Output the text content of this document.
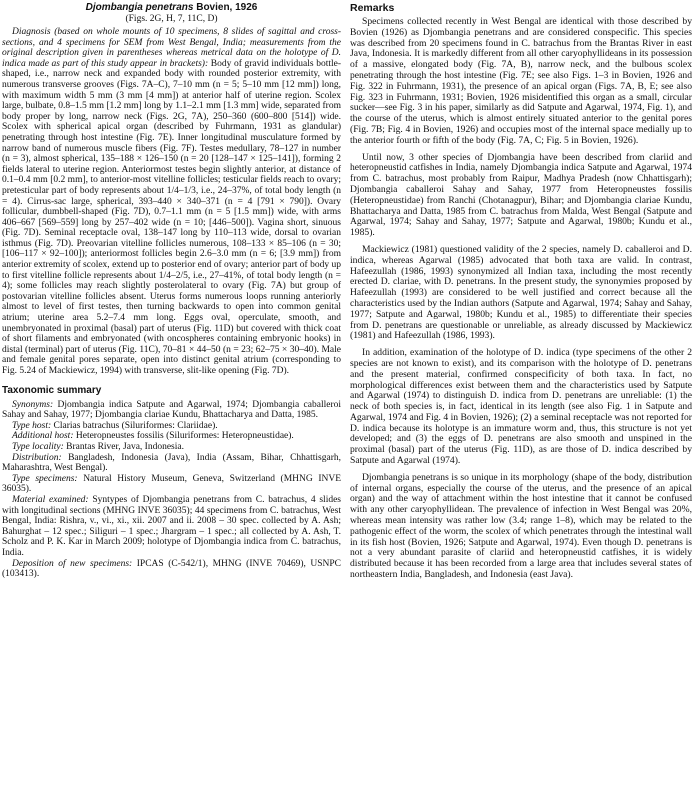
Djombangia penetrans Bovien, 1926
(Figs. 2G, H, 7, 11C, D)

Diagnosis (based on whole mounts of 10 specimens, 8 slides of sagittal and cross-sections, and 4 specimens for SEM from West Bengal, India; measurements from the original description given in parentheses whereas metrical data on the holotype of D. indica made as part of this study appear in brackets): Body of gravid individuals bottle-shaped, i.e., narrow neck and expanded body with rounded posterior extremity, with numerous transverse grooves (Figs. 7A–C), 7–10 mm (n = 5; 5–10 mm [12 mm]) long, with maximum width 5 mm (3 mm [4 mm]) at anterior half of uterine region. Scolex large, bulbate, 0.8–1.5 mm [1.2 mm] long by 1.1–2.1 mm [1.3 mm] wide, separated from body proper by long, narrow neck (Figs. 2G, 7A), 250–360 (600–800 [514]) wide. Scolex with spherical apical organ (described by Fuhrmann, 1931 as glandular) penetrating through host intestine (Fig. 7E). Inner longitudinal musculature formed by narrow band of numerous muscle fibers (Fig. 7F). Testes medullary, 78–127 in number (n = 3), almost spherical, 135–188 × 126–150 (n = 20 [128–147 × 125–141]), forming 2 fields lateral to uterine region. Anteriormost testes begin slightly anterior, at distance of 0.1–0.4 mm [0.2 mm], to anterior-most vitelline follicles; testicular fields reach to ovary; pretesticular part of body represents about 1/4–1/3, i.e., 24–37%, of total body length (n = 4). Cirrus-sac large, spherical, 393–440 × 340–371 (n = 4 [791 × 790]). Ovary follicular, dumbbell-shaped (Fig. 7D), 0.7–1.1 mm (n = 5 [1.5 mm]) wide, with arms 406–667 [569–559] long by 257–402 wide (n = 10; [446–500]). Vagina short, sinuous (Fig. 7D). Seminal receptacle oval, 138–147 long by 110–113 wide, dorsal to ovarian isthmus (Fig. 7D). Preovarian vitelline follicles numerous, 108–133 × 85–106 (n = 30; [106–117 × 92–100]); anteriormost follicles begin 2.6–3.0 mm (n = 6; [3.9 mm]) from anterior extremity of scolex, extend up to posterior end of ovary; anterior part of body up to first vitelline follicle represents about 1/4–2/5, i.e., 27–41%, of total body length (n = 4); some follicles may reach slightly posterolateral to ovary (Fig. 7A) but group of postovarian vitelline follicles absent. Uterus forms numerous loops running anteriorly almost to level of first testes, then turning backwards to open into common genital atrium; uterine area 5.2–7.4 mm long. Eggs oval, operculate, smooth, and unembryonated in proximal (basal) part of uterus (Fig. 11D) but covered with thick coat of short filaments and embryonated (with oncospheres containing embryonic hooks) in distal (terminal) part of uterus (Fig. 11C), 70–81 × 44–50 (n = 23; 62–75 × 30–40). Male and female genital pores separate, open into distinct genital atrium (corresponding to Fig. 5.24 of Mackiewicz, 1994) with transverse, slit-like opening (Fig. 7D).

Taxonomic summary

Synonyms: Djombangia indica Satpute and Agarwal, 1974; Djombangia caballeroi Sahay and Sahay, 1977; Djombangia clariae Kundu, Bhattacharya and Datta, 1985.

Type host: Clarias batrachus (Siluriformes: Clariidae).

Additional host: Heteropneustes fossilis (Siluriformes: Heteropneustidae).

Type locality: Brantas River, Java, Indonesia.

Distribution: Bangladesh, Indonesia (Java), India (Assam, Bihar, Chhattisgarh, Maharashtra, West Bengal).

Type specimens: Natural History Museum, Geneva, Switzerland (MHNG INVE 36035).

Material examined: Syntypes of Djombangia penetrans from C. batrachus, 4 slides with longitudinal sections (MHNG INVE 36035); 44 specimens from C. batrachus, West Bengal, India: Rishra, v., vi., xi., xii. 2007 and ii. 2008 – 30 spec. collected by A. Ash; Bahurghat – 12 spec.; Siliguri – 1 spec.; Jhargram – 1 spec.; all collected by A. Ash, T. Scholz and P. K. Kar in March 2009; holotype of Djombangia indica from C. batrachus, India.

Deposition of new specimens: IPCAS (C-542/1), MHNG (INVE 70469), USNPC (103413).

Remarks

Specimens collected recently in West Bengal are identical with those described by Bovien (1926) as Djombangia penetrans and are considered conspecific. This species was described from 20 specimens found in C. batrachus from the Brantas River in east Java, Indonesia. It is markedly different from all other caryophyllideans in its possession of a massive, elongated body (Fig. 7A, B), narrow neck, and the bulbous scolex penetrating through the host intestine (Fig. 7E; see also Figs. 1–3 in Bovien, 1926 and Fig. 322 in Fuhrmann, 1931), the presence of an apical organ (Figs. 7A, B, E; see also Fig. 323 in Fuhrmann, 1931; Bovien, 1926 misidentified this organ as a small, circular sucker—see Fig. 3 in his paper, similarly as did Satpute and Agarwal, 1974, Fig. 1), and the course of the uterus, which is almost entirely situated anterior to the genital pores (Fig. 7B; Fig. 4 in Bovien, 1926) and occupies most of the internal space medially up to the anterior fourth or fifth of the body (Fig. 7A, C; Fig. 5 in Bovien, 1926).

Until now, 3 other species of Djombangia have been described from clariid and heteropneustid catfishes in India, namely Djombangia indica Satpute and Agarwal, 1974 from C. batrachus, most probably from Raipur, Madhya Pradesh (now Chhattisgarh); Djombangia caballeroi Sahay and Sahay, 1977 from Heteropneustes fossilis (Heteropneustidae) from Ranchi (Chotanagpur), Bihar; and Djombangia clariae Kundu, Bhattacharya and Datta, 1985 from C. batrachus from Malda, West Bengal (Satpute and Agarwal, 1974; Sahay and Sahay, 1977; Satpute and Agarwal, 1980b; Kundu et al., 1985).

Mackiewicz (1981) questioned validity of the 2 species, namely D. caballeroi and D. indica, whereas Agarwal (1985) advocated that both taxa are valid. In contrast, Hafeezullah (1986, 1993) synonymized all Indian taxa, including the most recently erected D. clariae, with D. penetrans. In the present study, the synonymies proposed by Hafeezullah (1993) are considered to be well justified and correct because all the characteristics used by the Indian authors (Satpute and Agarwal, 1974; Sahay and Sahay, 1977; Satpute and Agarwal, 1980b; Kundu et al., 1985) to differentiate their species from D. penetrans are questionable or unreliable, as already discussed by Mackiewicz (1981) and Hafeezullah (1986, 1993).

In addition, examination of the holotype of D. indica (type specimens of the other 2 species are not known to exist), and its comparison with the holotype of D. penetrans and the present material, confirmed conspecificity of both taxa. In fact, no morphological differences exist between them and the characteristics used by Satpute and Agarwal (1974) to distinguish D. indica from D. penetrans are unreliable: (1) the neck of both species is, in fact, identical in its length (see also Fig. 1 in Satpute and Agarwal, 1974 and Fig. 4 in Bovien, 1926); (2) a seminal receptacle was not reported for D. indica because its holotype is an immature worm and, thus, this structure is not yet developed; and (3) the eggs of D. penetrans are also smooth and unspined in the proximal (basal) part of the uterus (Fig. 11D), as are those of D. indica described by Satpute and Agarwal (1974).

Djombangia penetrans is so unique in its morphology (shape of the body, distribution of internal organs, especially the course of the uterus, and the presence of an apical organ) and the way of attachment within the host intestine that it cannot be confused with any other caryophyllidean. The prevalence of infection in West Bengal was 20%, whereas mean intensity was rather low (3.4; range 1–8), which may be related to the pathogenic effect of the worm, the scolex of which penetrates through the intestinal wall in its fish host (Bovien, 1926; Satpute and Agarwal, 1974). Even though D. penetrans is not a very abundant parasite of clariid and heteropneustid catfishes, it is widely distributed because it has been recorded from a large area that includes several states of northeastern India, Bangladesh, and Indonesia (east Java).
